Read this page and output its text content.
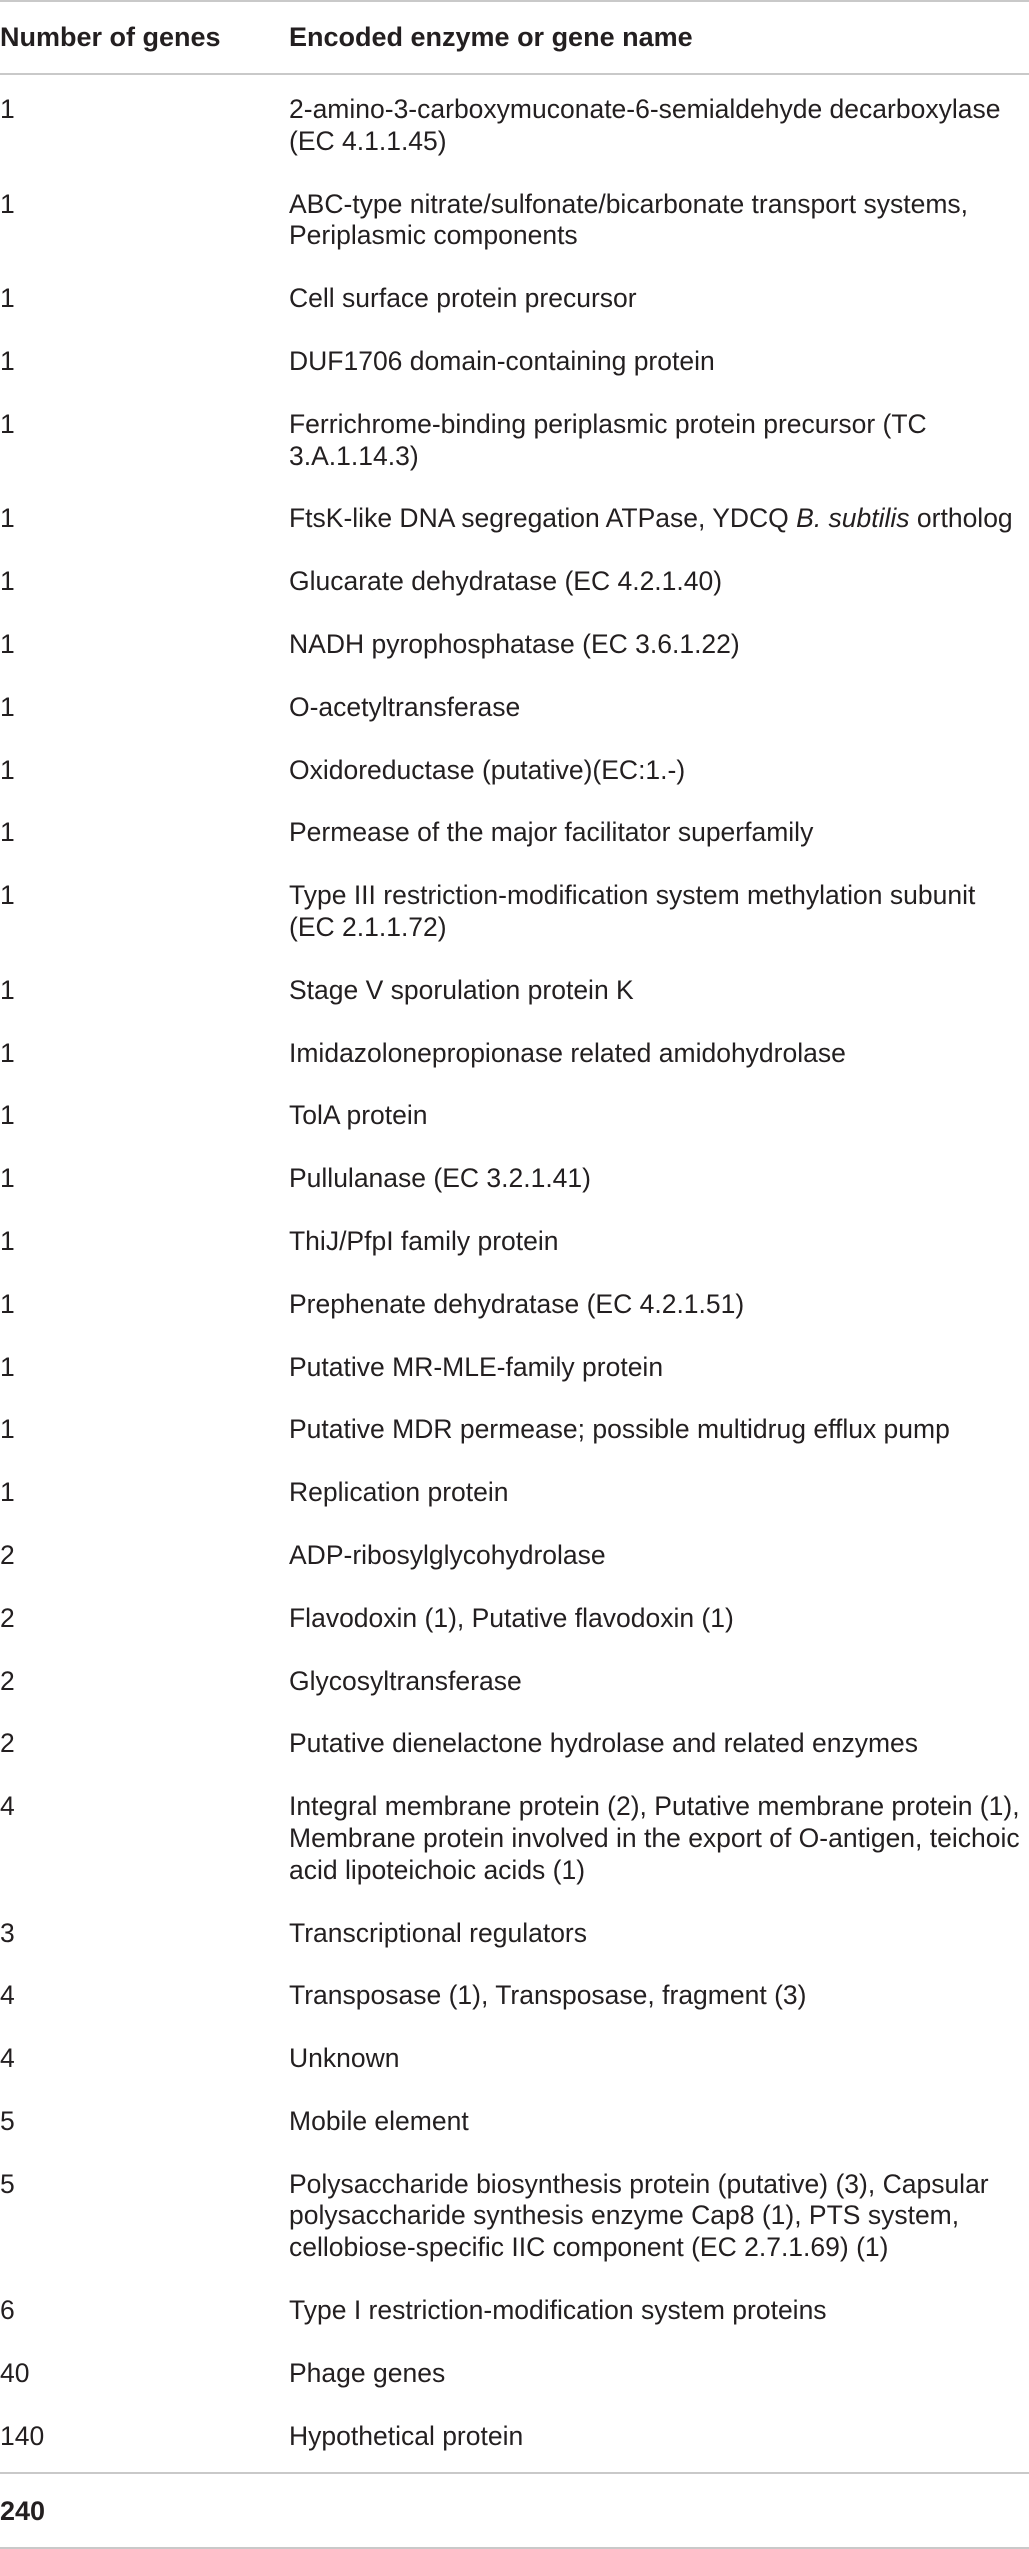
Number of genes	Encoded enzyme or gene name
1	2-amino-3-carboxymuconate-6-semialdehyde decarboxylase (EC 4.1.1.45)
1	ABC-type nitrate/sulfonate/bicarbonate transport systems, Periplasmic components
1	Cell surface protein precursor
1	DUF1706 domain-containing protein
1	Ferrichrome-binding periplasmic protein precursor (TC 3.A.1.14.3)
1	FtsK-like DNA segregation ATPase, YDCQ B. subtilis ortholog
1	Glucarate dehydratase (EC 4.2.1.40)
1	NADH pyrophosphatase (EC 3.6.1.22)
1	O-acetyltransferase
1	Oxidoreductase (putative)(EC:1.-)
1	Permease of the major facilitator superfamily
1	Type III restriction-modification system methylation subunit (EC 2.1.1.72)
1	Stage V sporulation protein K
1	Imidazolonepropionase related amidohydrolase
1	TolA protein
1	Pullulanase (EC 3.2.1.41)
1	ThiJ/PfpI family protein
1	Prephenate dehydratase (EC 4.2.1.51)
1	Putative MR-MLE-family protein
1	Putative MDR permease; possible multidrug efflux pump
1	Replication protein
2	ADP-ribosylglycohydrolase
2	Flavodoxin (1), Putative flavodoxin (1)
2	Glycosyltransferase
2	Putative dienelactone hydrolase and related enzymes
4	Integral membrane protein (2), Putative membrane protein (1), Membrane protein involved in the export of O-antigen, teichoic acid lipoteichoic acids (1)
3	Transcriptional regulators
4	Transposase (1), Transposase, fragment (3)
4	Unknown
5	Mobile element
5	Polysaccharide biosynthesis protein (putative) (3), Capsular polysaccharide synthesis enzyme Cap8 (1), PTS system, cellobiose-specific IIC component (EC 2.7.1.69) (1)
6	Type I restriction-modification system proteins
40	Phage genes
140	Hypothetical protein
240	
